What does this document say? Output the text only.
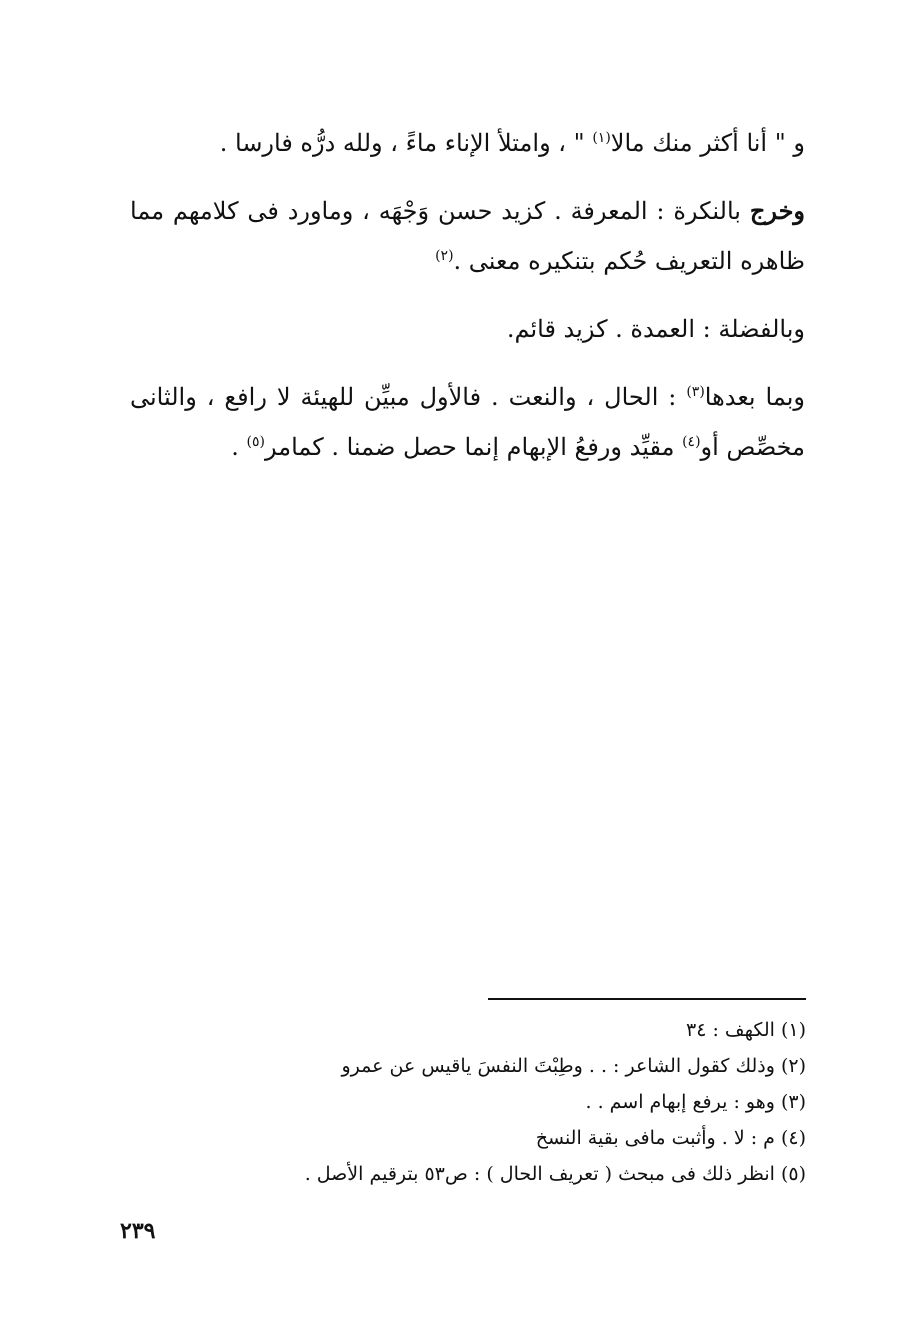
و " أنا أكثر منك مالا$^{(١)}$ " ، وامتلأ الإناء ماءً ، ولله درُّه فارسا .

وخرج بالنكرة : المعرفة . كزيد حسن وَجْهَه ، وماورد فى كلامهم مما ظاهره التعريف حُكم بتنكيره معنى .$^{(٢)}$

وبالفضلة : العمدة . كزيد قائم.

وبما بعدها$^{(٣)}$ : الحال ، والنعت . فالأول مبيِّن للهيئة لا رافع ، والثانى مخصِّص أو$^{(٤)}$ مقيِّد ورفعُ الإبهام إنما حصل ضمنا . كمامر$^{(٥)}$ .

(١) الكهف : ٣٤
(٢) وذلك كقول الشاعر : . . وطِبْتَ النفسَ ياقيس عن عمرو
(٣) وهو : يرفع إبهام اسم . .
(٤) م : لا . وأثبت مافى بقية النسخ
(٥) انظر ذلك فى مبحث ( تعريف الحال ) : ص٥٣ بترقيم الأصل .
٢٣٩
